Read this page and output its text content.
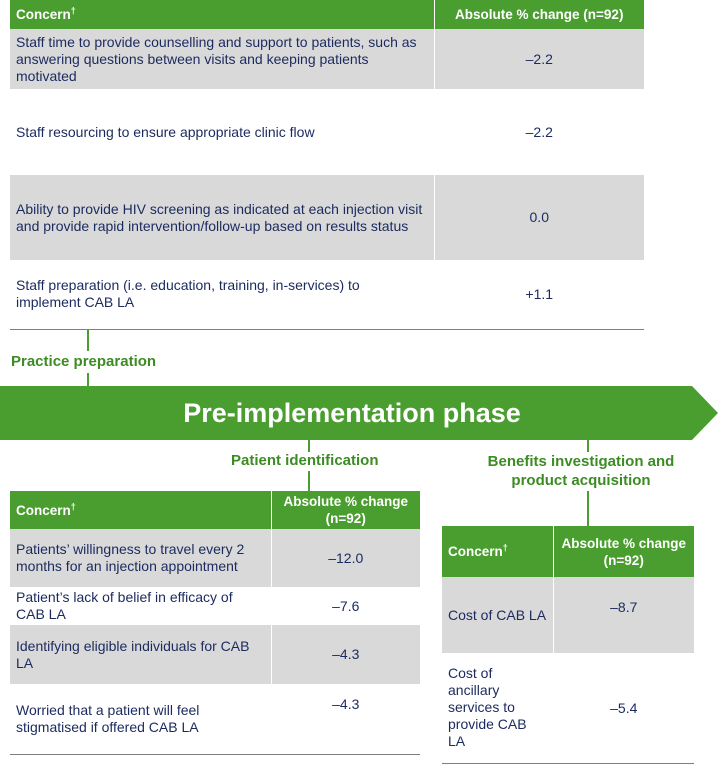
Concern†	Absolute % change (n=92)
Staff time to provide counselling and support to patients, such as answering questions between visits and keeping patients motivated	–2.2
Staff resourcing to ensure appropriate clinic flow	–2.2
Ability to provide HIV screening as indicated at each injection visit and provide rapid intervention/follow-up based on results status	0.0
Staff preparation (i.e. education, training, in-services) to implement CAB LA	+1.1
Practice preparation
Pre-implementation phase
Patient identification
Concern†	Absolute % change (n=92)
Patients’ willingness to travel every 2 months for an injection appointment	–12.0
Patient’s lack of belief in efficacy of CAB LA	–7.6
Identifying eligible individuals for CAB LA	–4.3
Worried that a patient will feel stigmatised if offered CAB LA	–4.3
Benefits investigation and product acquisition
Concern†	Absolute % change (n=92)
Cost of CAB LA	–8.7
Cost of ancillary services to provide CAB LA	–5.4
